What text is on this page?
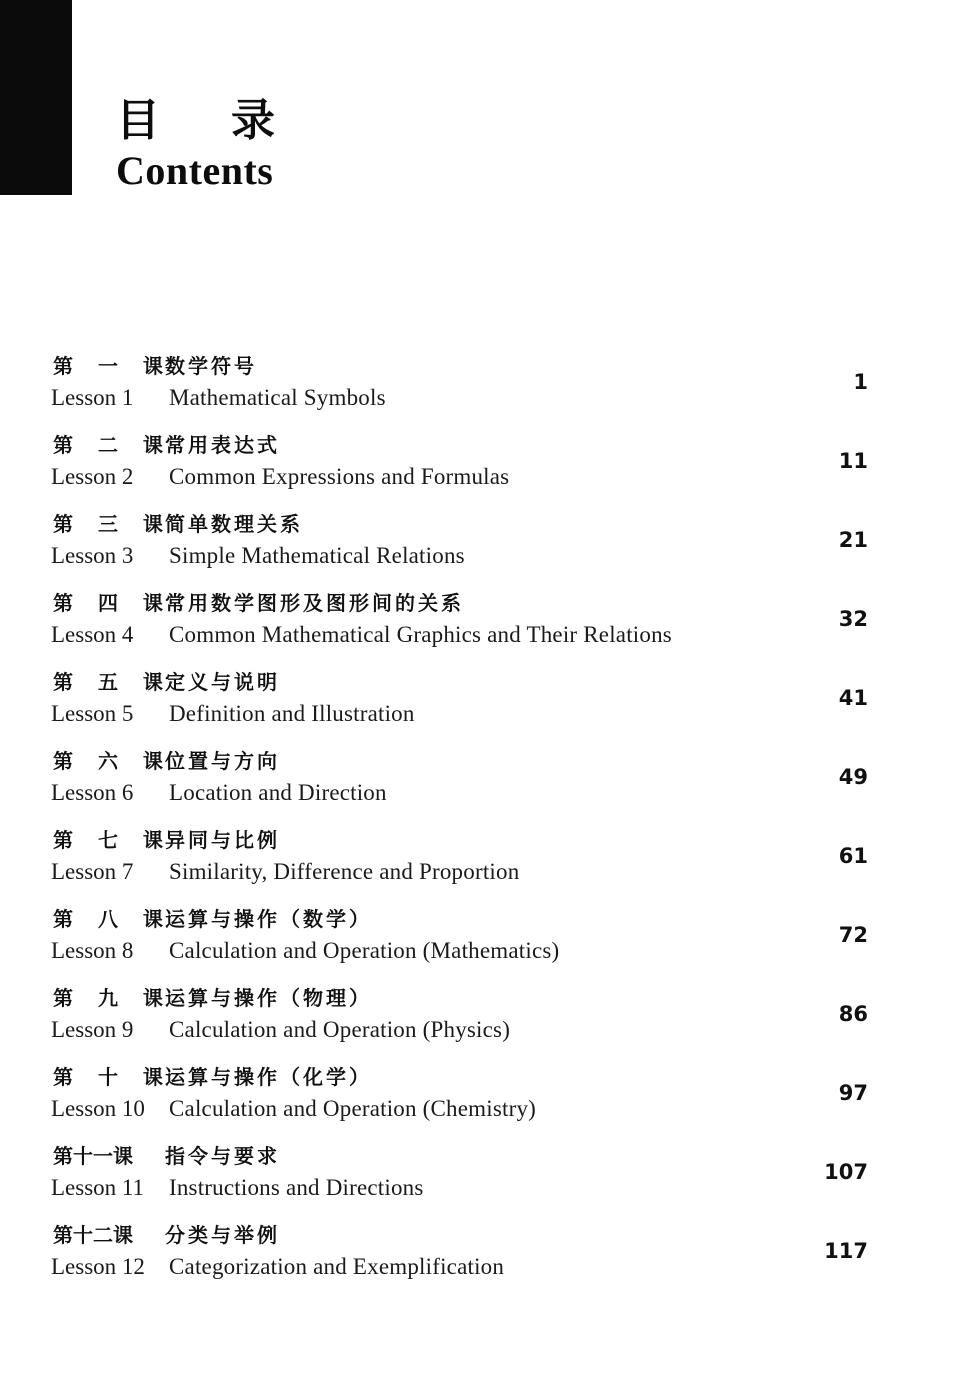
目 录
Contents
第 一 课数学符号
Lesson 1 Mathematical Symbols
1
第 二 课常用表达式
Lesson 2 Common Expressions and Formulas
11
第 三 课简单数理关系
Lesson 3 Simple Mathematical Relations
21
第 四 课常用数学图形及图形间的关系
Lesson 4 Common Mathematical Graphics and Their Relations
32
第 五 课定义与说明
Lesson 5 Definition and Illustration
41
第 六 课位置与方向
Lesson 6 Location and Direction
49
第 七 课异同与比例
Lesson 7 Similarity, Difference and Proportion
61
第 八 课运算与操作（数学）
Lesson 8 Calculation and Operation (Mathematics)
72
第 九 课运算与操作（物理）
Lesson 9 Calculation and Operation (Physics)
86
第 十 课运算与操作（化学）
Lesson 10 Calculation and Operation (Chemistry)
97
第十一课 指令与要求
Lesson 11 Instructions and Directions
107
第十二课 分类与举例
Lesson 12 Categorization and Exemplification
117
